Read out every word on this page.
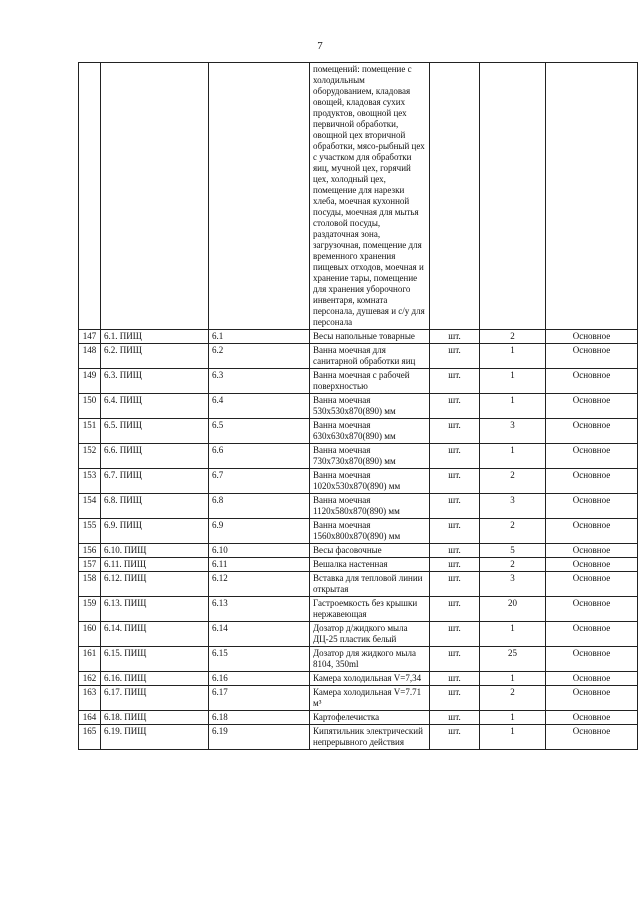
7
			помещений: помещение с холодильным оборудованием, кладовая овощей, кладовая сухих продуктов, овощной цех первичной обработки, овощной цех вторичной обработки, мясо-рыбный цех с участком для обработки яиц, мучной цех, горячий цех, холодный цех, помещение для нарезки хлеба, моечная кухонной посуды, моечная для мытья столовой посуды, раздаточная зона, загрузочная, помещение для временного хранения пищевых отходов, моечная и хранение тары, помещение для хранения уборочного инвентаря, комната персонала, душевая и с/у для персонала			
147	6.1. ПИЩ	6.1	Весы напольные товарные	шт.	2	Основное
148	6.2. ПИЩ	6.2	Ванна моечная для санитарной обработки яиц	шт.	1	Основное
149	6.3. ПИЩ	6.3	Ванна моечная с рабочей поверхностью	шт.	1	Основное
150	6.4. ПИЩ	6.4	Ванна моечная 530х530х870(890) мм	шт.	1	Основное
151	6.5. ПИЩ	6.5	Ванна моечная 630х630х870(890) мм	шт.	3	Основное
152	6.6. ПИЩ	6.6	Ванна моечная 730х730х870(890) мм	шт.	1	Основное
153	6.7. ПИЩ	6.7	Ванна моечная 1020х530х870(890) мм	шт.	2	Основное
154	6.8. ПИЩ	6.8	Ванна моечная 1120х580х870(890) мм	шт.	3	Основное
155	6.9. ПИЩ	6.9	Ванна моечная 1560х800х870(890) мм	шт.	2	Основное
156	6.10. ПИЩ	6.10	Весы фасовочные	шт.	5	Основное
157	6.11. ПИЩ	6.11	Вешалка настенная	шт.	2	Основное
158	6.12. ПИЩ	6.12	Вставка для тепловой линии открытая	шт.	3	Основное
159	6.13. ПИЩ	6.13	Гастроемкость без крышки нержавеющая	шт.	20	Основное
160	6.14. ПИЩ	6.14	Дозатор д/жидкого мыла ДЦ-25 пластик белый	шт.	1	Основное
161	6.15. ПИЩ	6.15	Дозатор для жидкого мыла 8104, 350ml	шт.	25	Основное
162	6.16. ПИЩ	6.16	Камера холодильная V=7,34	шт.	1	Основное
163	6.17. ПИЩ	6.17	Камера холодильная V=7.71 м³	шт.	2	Основное
164	6.18. ПИЩ	6.18	Картофелечистка	шт.	1	Основное
165	6.19. ПИЩ	6.19	Кипятильник электрический непрерывного действия	шт.	1	Основное
